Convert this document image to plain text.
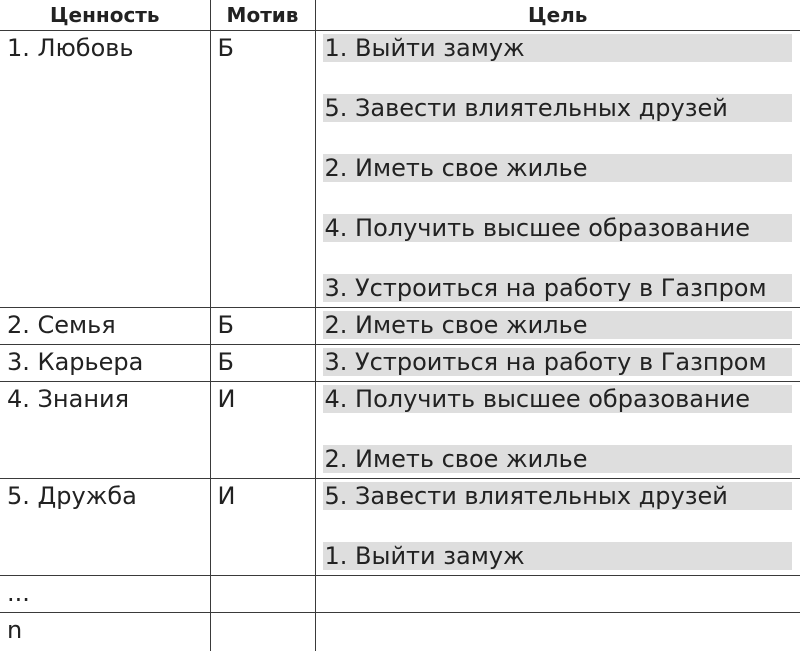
Ценность	Мотив	Цель

1. Любовь	Б	1. Выйти замуж
5. Завести влиятельных друзей
2. Иметь свое жилье
4. Получить высшее образование
3. Устроиться на работу в Газпром

2. Семья	Б	2. Иметь свое жилье

3. Карьера	Б	3. Устроиться на работу в Газпром

4. Знания	И	4. Получить высшее образование
2. Иметь свое жилье

5. Дружба	И	5. Завести влиятельных друзей
1. Выйти замуж

...		

n		
